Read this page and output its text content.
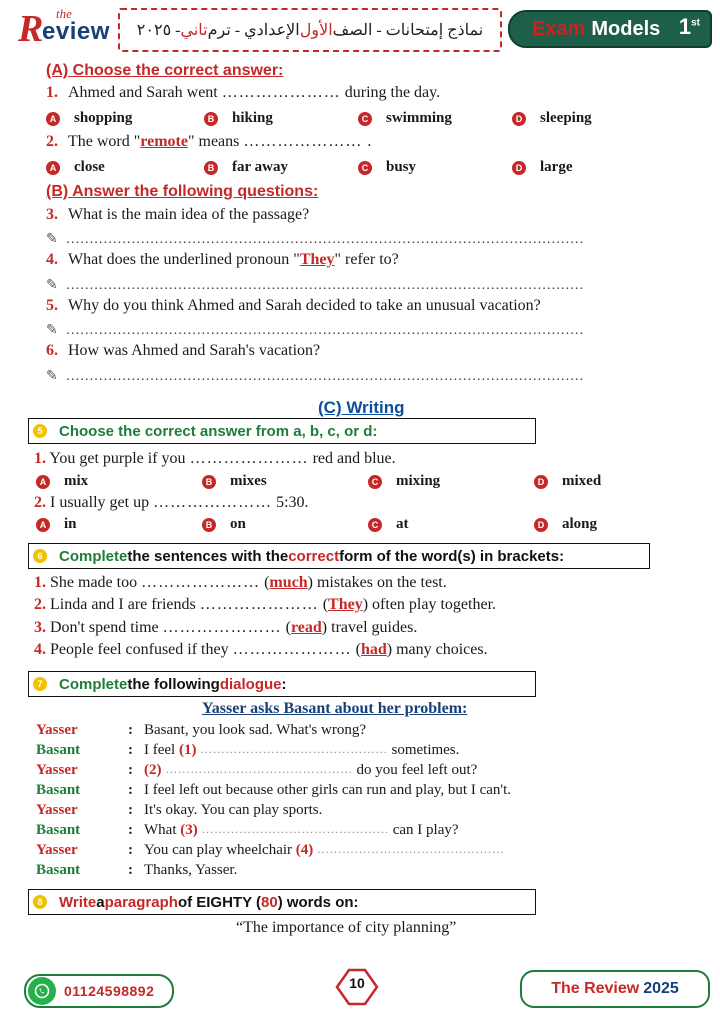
the
R
eview	نماذج إمتحانات - الصف
الأول
الإعدادي - ترم
تاني
- ٢٠٢٥	Exam Models 1st
(A) Choose the correct answer:
1. Ahmed and Sarah went ………………… during the day.
A shopping	B hiking	C swimming	D sleeping
2. The word "remote" means ………………… .
A close	B far away	C busy	D large
(B) Answer the following questions:
3. What is the main idea of the passage?
✎ …………………………………………………………………………………………………
4. What does the underlined pronoun "They" refer to?
✎ …………………………………………………………………………………………………
5. Why do you think Ahmed and Sarah decided to take an unusual vacation?
✎ …………………………………………………………………………………………………
6. How was Ahmed and Sarah's vacation?
✎ …………………………………………………………………………………………………
(C) Writing
5	Choose the correct answer from a, b, c, or d:
1. You get purple if you ………………… red and blue.
A mix	B mixes	C mixing	D mixed
2. I usually get up ………………… 5:30.
A in	B on	C at	D along
6	Complete the sentences with the correct form of the word(s) in brackets:
1. She made too ………………… (much) mistakes on the test.
2. Linda and I are friends ………………… (They) often play together.
3. Don't spend time ………………… (read) travel guides.
4. People feel confused if they ………………… (had) many choices.
7	Complete the following dialogue :
Yasser asks Basant about her problem:
Yasser	: Basant, you look sad. What's wrong?
Basant	: I feel
(1)
………………………………………
sometimes.
Yasser	: (2)
………………………………………
do you feel left out?
Basant	: I feel left out because other girls can run and play, but I can't.
Yasser	: It's okay. You can play sports.
Basant	: What
(3)
………………………………………
can I play?
Yasser	: You can play wheelchair
(4)
………………………………………
Basant	: Thanks, Yasser.
8	Write a paragraph of EIGHTY ( 80 ) words on:
“The importance of city planning”
01124598892	10	The Review 2025
